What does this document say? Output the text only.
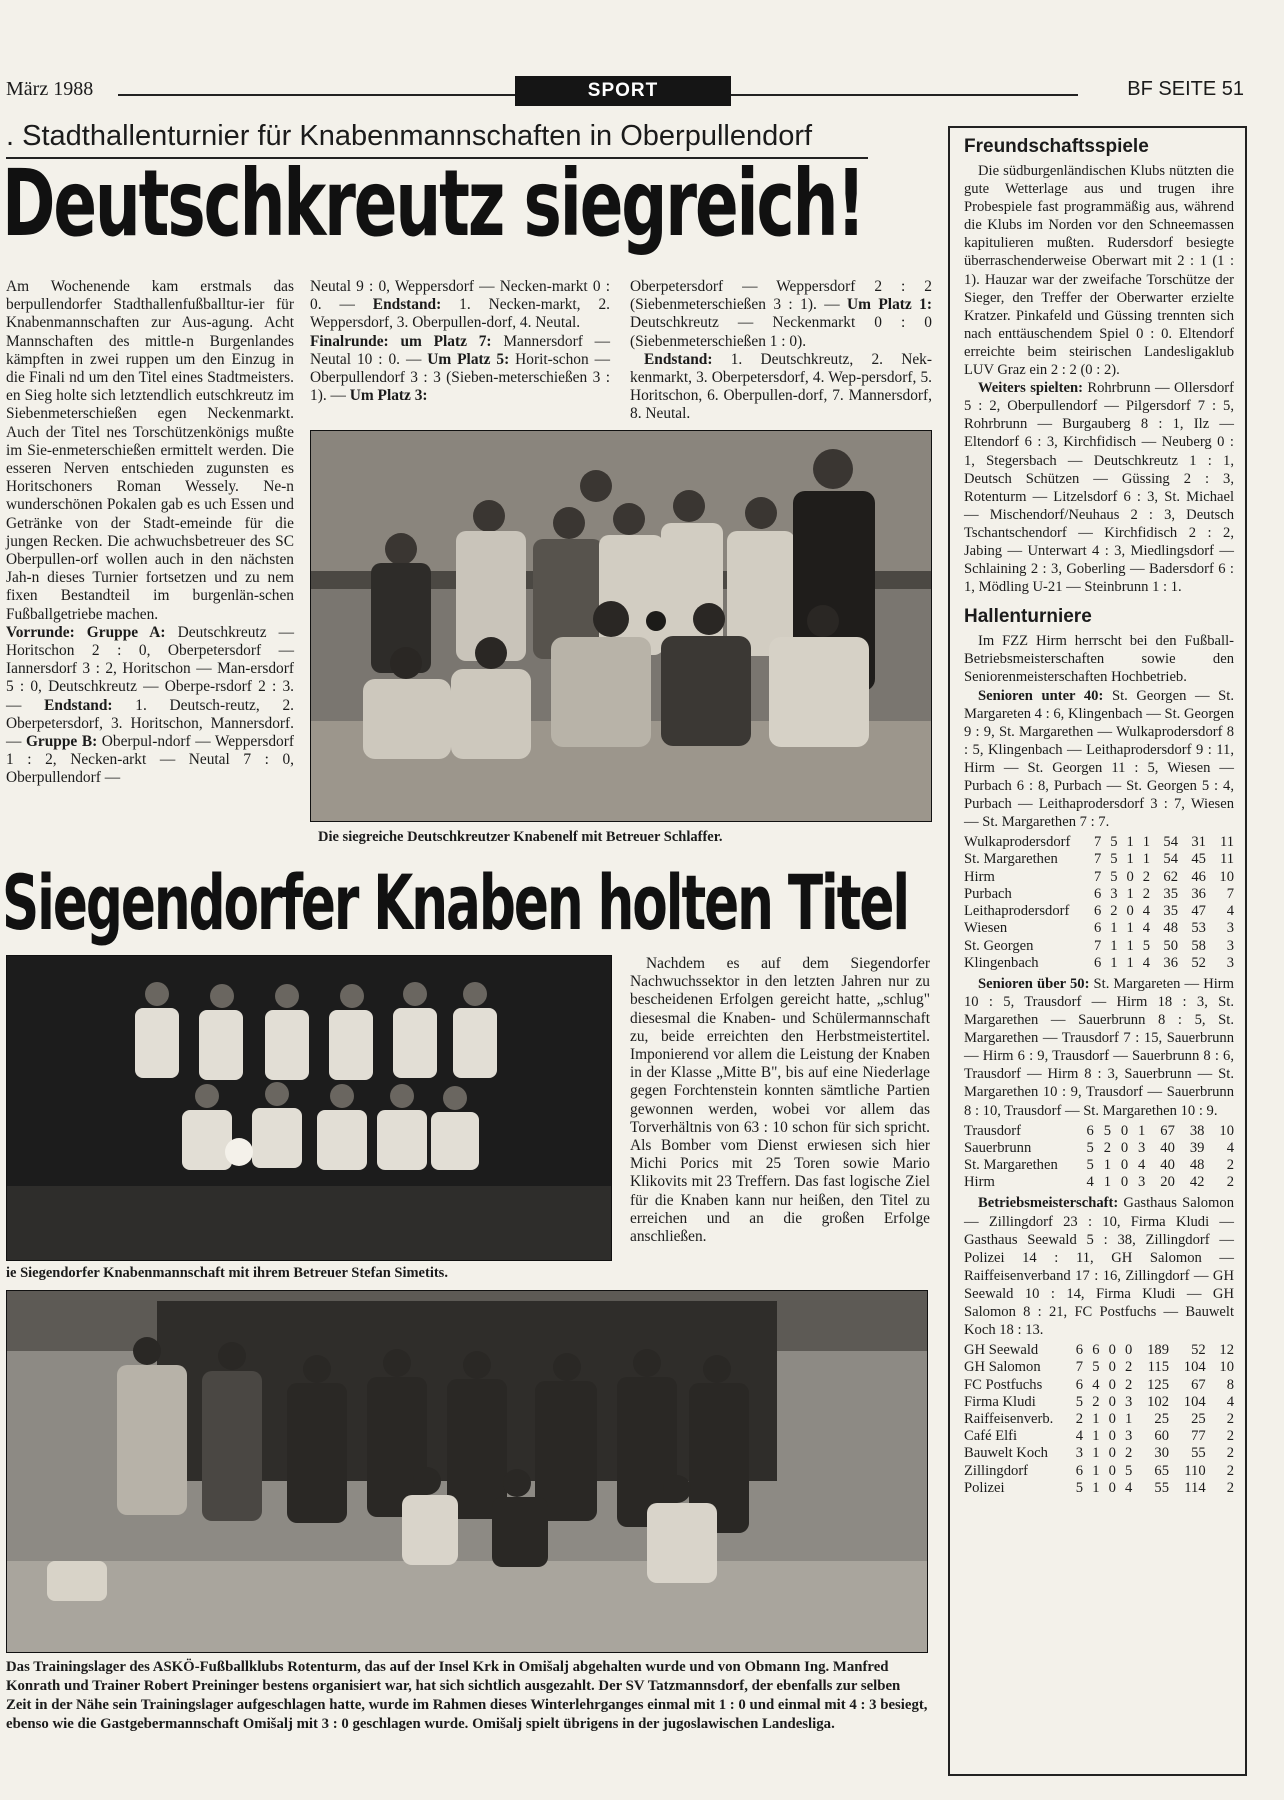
März 1988	SPORT	BF SEITE 51
. Stadthallenturnier für Knabenmannschaften in Oberpullendorf
Deutschkreutz siegreich!

Am Wochenende kam erstmals das berpullendorfer Stadthallenfußballtur-ier für Knabenmannschaften zur Aus-agung. Acht Mannschaften des mittle-n Burgenlandes kämpften in zwei ruppen um den Einzug in die Finali nd um den Titel eines Stadtmeisters. en Sieg holte sich letztendlich eutschkreutz im Siebenmeterschießen egen Neckenmarkt. Auch der Titel nes Torschützenkönigs mußte im Sie-enmeterschießen ermittelt werden. Die esseren Nerven entschieden zugunsten es Horitschoners Roman Wessely. Ne-n wunderschönen Pokalen gab es uch Essen und Getränke von der Stadt-emeinde für die jungen Recken. Die achwuchsbetreuer des SC Oberpullen-orf wollen auch in den nächsten Jah-n dieses Turnier fortsetzen und zu nem fixen Bestandteil im burgenlän-schen Fußballgetriebe machen.

Vorrunde: Gruppe A: Deutschkreutz — Horitschon 2 : 0, Oberpetersdorf — Iannersdorf 3 : 2, Horitschon — Man-ersdorf 5 : 0, Deutschkreutz — Oberpe-rsdorf 2 : 3. — Endstand: 1. Deutsch-reutz, 2. Oberpetersdorf, 3. Horitschon, Mannersdorf. — Gruppe B: Oberpul-ndorf — Weppersdorf 1 : 2, Necken-arkt — Neutal 7 : 0, Oberpullendorf —

Neutal 9 : 0, Weppersdorf — Necken-markt 0 : 0. — Endstand: 1. Necken-markt, 2. Weppersdorf, 3. Oberpullen-dorf, 4. Neutal.

Finalrunde: um Platz 7: Mannersdorf — Neutal 10 : 0. — Um Platz 5: Horit-schon — Oberpullendorf 3 : 3 (Sieben-meterschießen 3 : 1). — Um Platz 3:

Oberpetersdorf — Weppersdorf 2 : 2 (Siebenmeterschießen 3 : 1). — Um Platz 1: Deutschkreutz — Neckenmarkt 0 : 0 (Siebenmeterschießen 1 : 0).

Endstand: 1. Deutschkreutz, 2. Nek-kenmarkt, 3. Oberpetersdorf, 4. Wep-persdorf, 5. Horitschon, 6. Oberpullen-dorf, 7. Mannersdorf, 8. Neutal.

Die siegreiche Deutschkreutzer Knabenelf mit Betreuer Schlaffer.
Siegendorfer Knaben holten Titel
ie Siegendorfer Knabenmannschaft mit ihrem Betreuer Stefan Simetits.

Nachdem es auf dem Siegendorfer Nachwuchssektor in den letzten Jahren nur zu bescheidenen Erfolgen gereicht hatte, „schlug" diesesmal die Knaben- und Schülermannschaft zu, beide erreichten den Herbstmeistertitel. Imponierend vor allem die Leistung der Knaben in der Klasse „Mitte B", bis auf eine Niederlage gegen Forchtenstein konnten sämtliche Partien gewonnen werden, wobei vor allem das Torverhältnis von 63 : 10 schon für sich spricht. Als Bomber vom Dienst erwiesen sich hier Michi Porics mit 25 Toren sowie Mario Klikovits mit 23 Treffern. Das fast logische Ziel für die Knaben kann nur heißen, den Titel zu erreichen und an die großen Erfolge anschließen.

Das Trainingslager des ASKÖ-Fußballklubs Rotenturm, das auf der Insel Krk in Omišalj abgehalten wurde und von Obmann Ing. Manfred Konrath und Trainer Robert Preininger bestens organisiert war, hat sich sichtlich ausgezahlt. Der SV Tatzmannsdorf, der ebenfalls zur selben Zeit in der Nähe sein Trainingslager aufgeschlagen hatte, wurde im Rahmen dieses Winterlehrganges einmal mit 1 : 0 und einmal mit 4 : 3 besiegt, ebenso wie die Gastgebermannschaft Omišalj mit 3 : 0 geschlagen wurde. Omišalj spielt übrigens in der jugoslawischen Landesliga.
Freundschaftsspiele

Die südburgenländischen Klubs nützten die gute Wetterlage aus und trugen ihre Probespiele fast programmäßig aus, während die Klubs im Norden vor den Schneemassen kapitulieren mußten. Rudersdorf besiegte überraschenderweise Oberwart mit 2 : 1 (1 : 1). Hauzar war der zweifache Torschütze der Sieger, den Treffer der Oberwarter erzielte Kratzer. Pinkafeld und Güssing trennten sich nach enttäuschendem Spiel 0 : 0. Eltendorf erreichte beim steirischen Landesligaklub LUV Graz ein 2 : 2 (0 : 2).

Weiters spielten: Rohrbrunn — Ollersdorf 5 : 2, Oberpullendorf — Pilgersdorf 7 : 5, Rohrbrunn — Burgauberg 8 : 1, Ilz — Eltendorf 6 : 3, Kirchfidisch — Neuberg 0 : 1, Stegersbach — Deutschkreutz 1 : 1, Deutsch Schützen — Güssing 2 : 3, Rotenturm — Litzelsdorf 6 : 3, St. Michael — Mischendorf/Neuhaus 2 : 3, Deutsch Tschantschendorf — Kirchfidisch 2 : 2, Jabing — Unterwart 4 : 3, Miedlingsdorf — Schlaining 2 : 3, Goberling — Badersdorf 6 : 1, Mödling U-21 — Steinbrunn 1 : 1.

Hallenturniere

Im FZZ Hirm herrscht bei den Fußball-Betriebsmeisterschaften sowie den Seniorenmeisterschaften Hochbetrieb.

Senioren unter 40: St. Georgen — St. Margareten 4 : 6, Klingenbach — St. Georgen 9 : 9, St. Margarethen — Wulkaprodersdorf 8 : 5, Klingenbach — Leithaprodersdorf 9 : 11, Hirm — St. Georgen 11 : 5, Wiesen — Purbach 6 : 8, Purbach — St. Georgen 5 : 4, Purbach — Leithaprodersdorf 3 : 7, Wiesen — St. Margarethen 7 : 7.

Wulkaprodersdorf	7	5	1	1	54	31	11
St. Margarethen	7	5	1	1	54	45	11
Hirm	7	5	0	2	62	46	10
Purbach	6	3	1	2	35	36	7
Leithaprodersdorf	6	2	0	4	35	47	4
Wiesen	6	1	1	4	48	53	3
St. Georgen	7	1	1	5	50	58	3
Klingenbach	6	1	1	4	36	52	3

Senioren über 50: St. Margareten — Hirm 10 : 5, Trausdorf — Hirm 18 : 3, St. Margarethen — Sauerbrunn 8 : 5, St. Margarethen — Trausdorf 7 : 15, Sauerbrunn — Hirm 6 : 9, Trausdorf — Sauerbrunn 8 : 6, Trausdorf — Hirm 8 : 3, Sauerbrunn — St. Margarethen 10 : 9, Trausdorf — Sauerbrunn 8 : 10, Trausdorf — St. Margarethen 10 : 9.

Trausdorf	6	5	0	1	67	38	10
Sauerbrunn	5	2	0	3	40	39	4
St. Margarethen	5	1	0	4	40	48	2
Hirm	4	1	0	3	20	42	2

Betriebsmeisterschaft: Gasthaus Salomon — Zillingdorf 23 : 10, Firma Kludi — Gasthaus Seewald 5 : 38, Zillingdorf — Polizei 14 : 11, GH Salomon — Raiffeisenverband 17 : 16, Zillingdorf — GH Seewald 10 : 14, Firma Kludi — GH Salomon 8 : 21, FC Postfuchs — Bauwelt Koch 18 : 13.

GH Seewald	6	6	0	0	189	52	12
GH Salomon	7	5	0	2	115	104	10
FC Postfuchs	6	4	0	2	125	67	8
Firma Kludi	5	2	0	3	102	104	4
Raiffeisenverb.	2	1	0	1	25	25	2
Café Elfi	4	1	0	3	60	77	2
Bauwelt Koch	3	1	0	2	30	55	2
Zillingdorf	6	1	0	5	65	110	2
Polizei	5	1	0	4	55	114	2
